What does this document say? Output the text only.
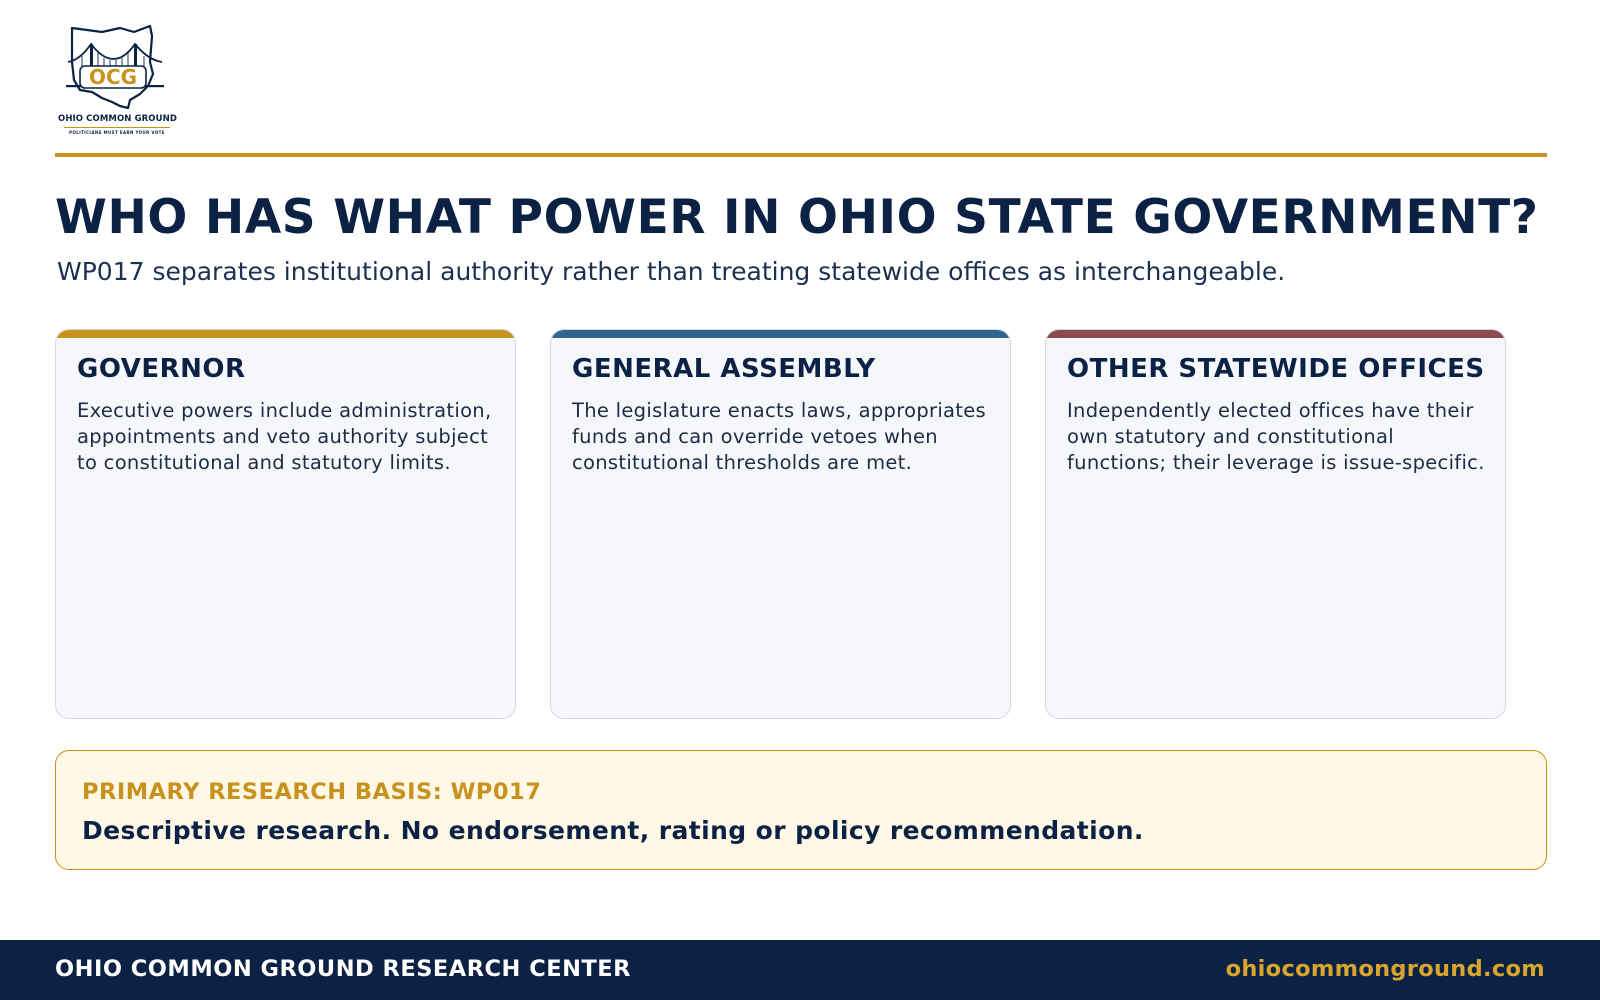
OCG
OHIO COMMON GROUND
POLITICIANS MUST EARN YOUR VOTE
WHO HAS WHAT POWER IN OHIO STATE GOVERNMENT?
WP017 separates institutional authority rather than treating statewide offices as interchangeable.
GOVERNOR

Executive powers include administration, appointments and veto authority subject to constitutional and statutory limits.

GENERAL ASSEMBLY

The legislature enacts laws, appropriates funds and can override vetoes when constitutional thresholds are met.

OTHER STATEWIDE OFFICES

Independently elected offices have their own statutory and constitutional functions; their leverage is issue-specific.

PRIMARY RESEARCH BASIS: WP017
Descriptive research. No endorsement, rating or policy recommendation.
OHIO COMMON GROUND RESEARCH CENTER	ohiocommonground.com
